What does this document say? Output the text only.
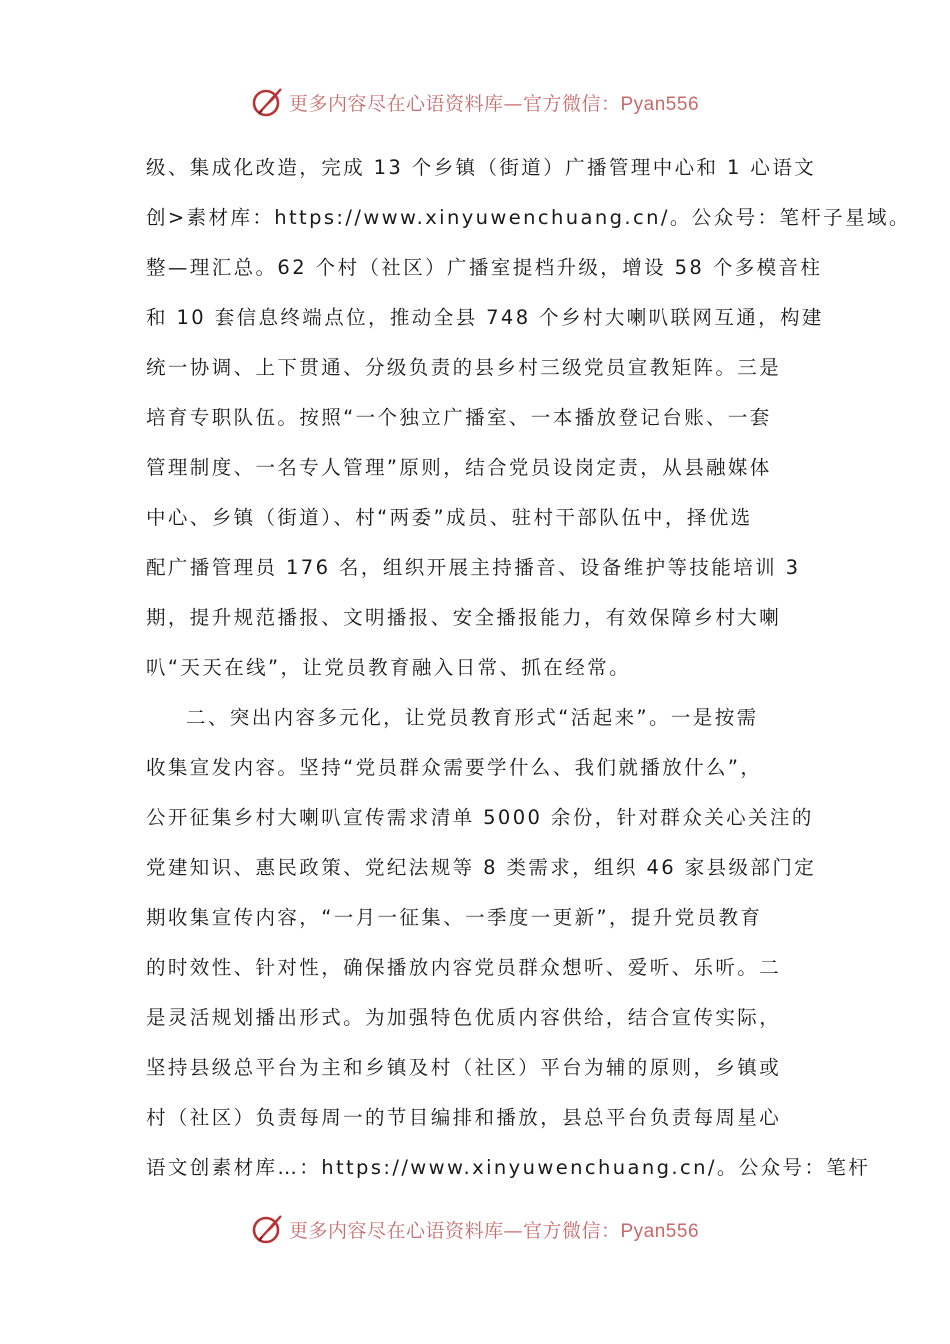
更多内容尽在心语资料库—官方微信：Pyan556
级、集成化改造，完成 13 个乡镇（街道）广播管理中心和 1 心语文
创>素材库：https://www.xinyuwenchuang.cn/。公众号：笔杆子星域。
整—理汇总。62 个村（社区）广播室提档升级，增设 58 个多模音柱
和 10 套信息终端点位，推动全县 748 个乡村大喇叭联网互通，构建
统一协调、上下贯通、分级负责的县乡村三级党员宣教矩阵。三是
培育专职队伍。按照“一个独立广播室、一本播放登记台账、一套
管理制度、一名专人管理”原则，结合党员设岗定责，从县融媒体
中心、乡镇（街道）、村“两委”成员、驻村干部队伍中，择优选
配广播管理员 176 名，组织开展主持播音、设备维护等技能培训 3
期，提升规范播报、文明播报、安全播报能力，有效保障乡村大喇
叭“天天在线”，让党员教育融入日常、抓在经常。
二、突出内容多元化，让党员教育形式“活起来”。一是按需
收集宣发内容。坚持“党员群众需要学什么、我们就播放什么”，
公开征集乡村大喇叭宣传需求清单 5000 余份，针对群众关心关注的
党建知识、惠民政策、党纪法规等 8 类需求，组织 46 家县级部门定
期收集宣传内容，“一月一征集、一季度一更新”，提升党员教育
的时效性、针对性，确保播放内容党员群众想听、爱听、乐听。二
是灵活规划播出形式。为加强特色优质内容供给，结合宣传实际，
坚持县级总平台为主和乡镇及村（社区）平台为辅的原则，乡镇或
村（社区）负责每周一的节目编排和播放，县总平台负责每周星心
语文创素材库…：https://www.xinyuwenchuang.cn/。公众号：笔杆
更多内容尽在心语资料库—官方微信：Pyan556
